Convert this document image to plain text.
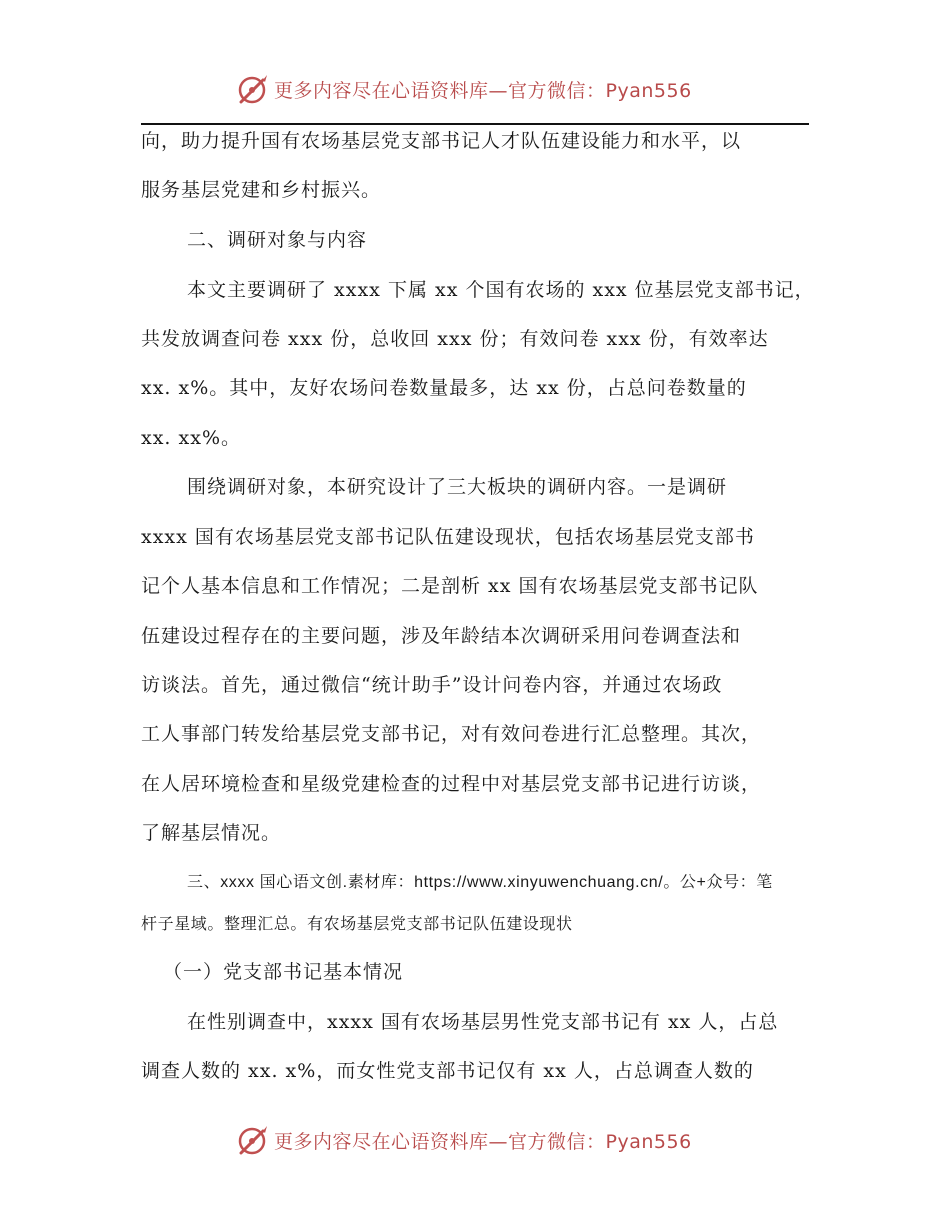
更多内容尽在心语资料库—官方微信：Pyan556

向，助力提升国有农场基层党支部书记人才队伍建设能力和水平，以

服务基层党建和乡村振兴。

二、调研对象与内容

本文主要调研了 xxxx 下属 xx 个国有农场的 xxx 位基层党支部书记，

共发放调查问卷 xxx 份，总收回 xxx 份；有效问卷 xxx 份，有效率达

xx. x%。其中，友好农场问卷数量最多，达 xx 份，占总问卷数量的

xx. xx%。

围绕调研对象，本研究设计了三大板块的调研内容。一是调研

xxxx 国有农场基层党支部书记队伍建设现状，包括农场基层党支部书

记个人基本信息和工作情况；二是剖析 xx 国有农场基层党支部书记队

伍建设过程存在的主要问题，涉及年龄结本次调研采用问卷调查法和

访谈法。首先，通过微信“统计助手”设计问卷内容，并通过农场政

工人事部门转发给基层党支部书记，对有效问卷进行汇总整理。其次，

在人居环境检查和星级党建检查的过程中对基层党支部书记进行访谈，

了解基层情况。

三、xxxx 国心语文创.素材库：https://www.xinyuwenchuang.cn/。公+众号：笔

杆子星域。整理汇总。有农场基层党支部书记队伍建设现状

（一）党支部书记基本情况

在性别调查中，xxxx 国有农场基层男性党支部书记有 xx 人，占总

调查人数的 xx. x%，而女性党支部书记仅有 xx 人，占总调查人数的

更多内容尽在心语资料库—官方微信：Pyan556
